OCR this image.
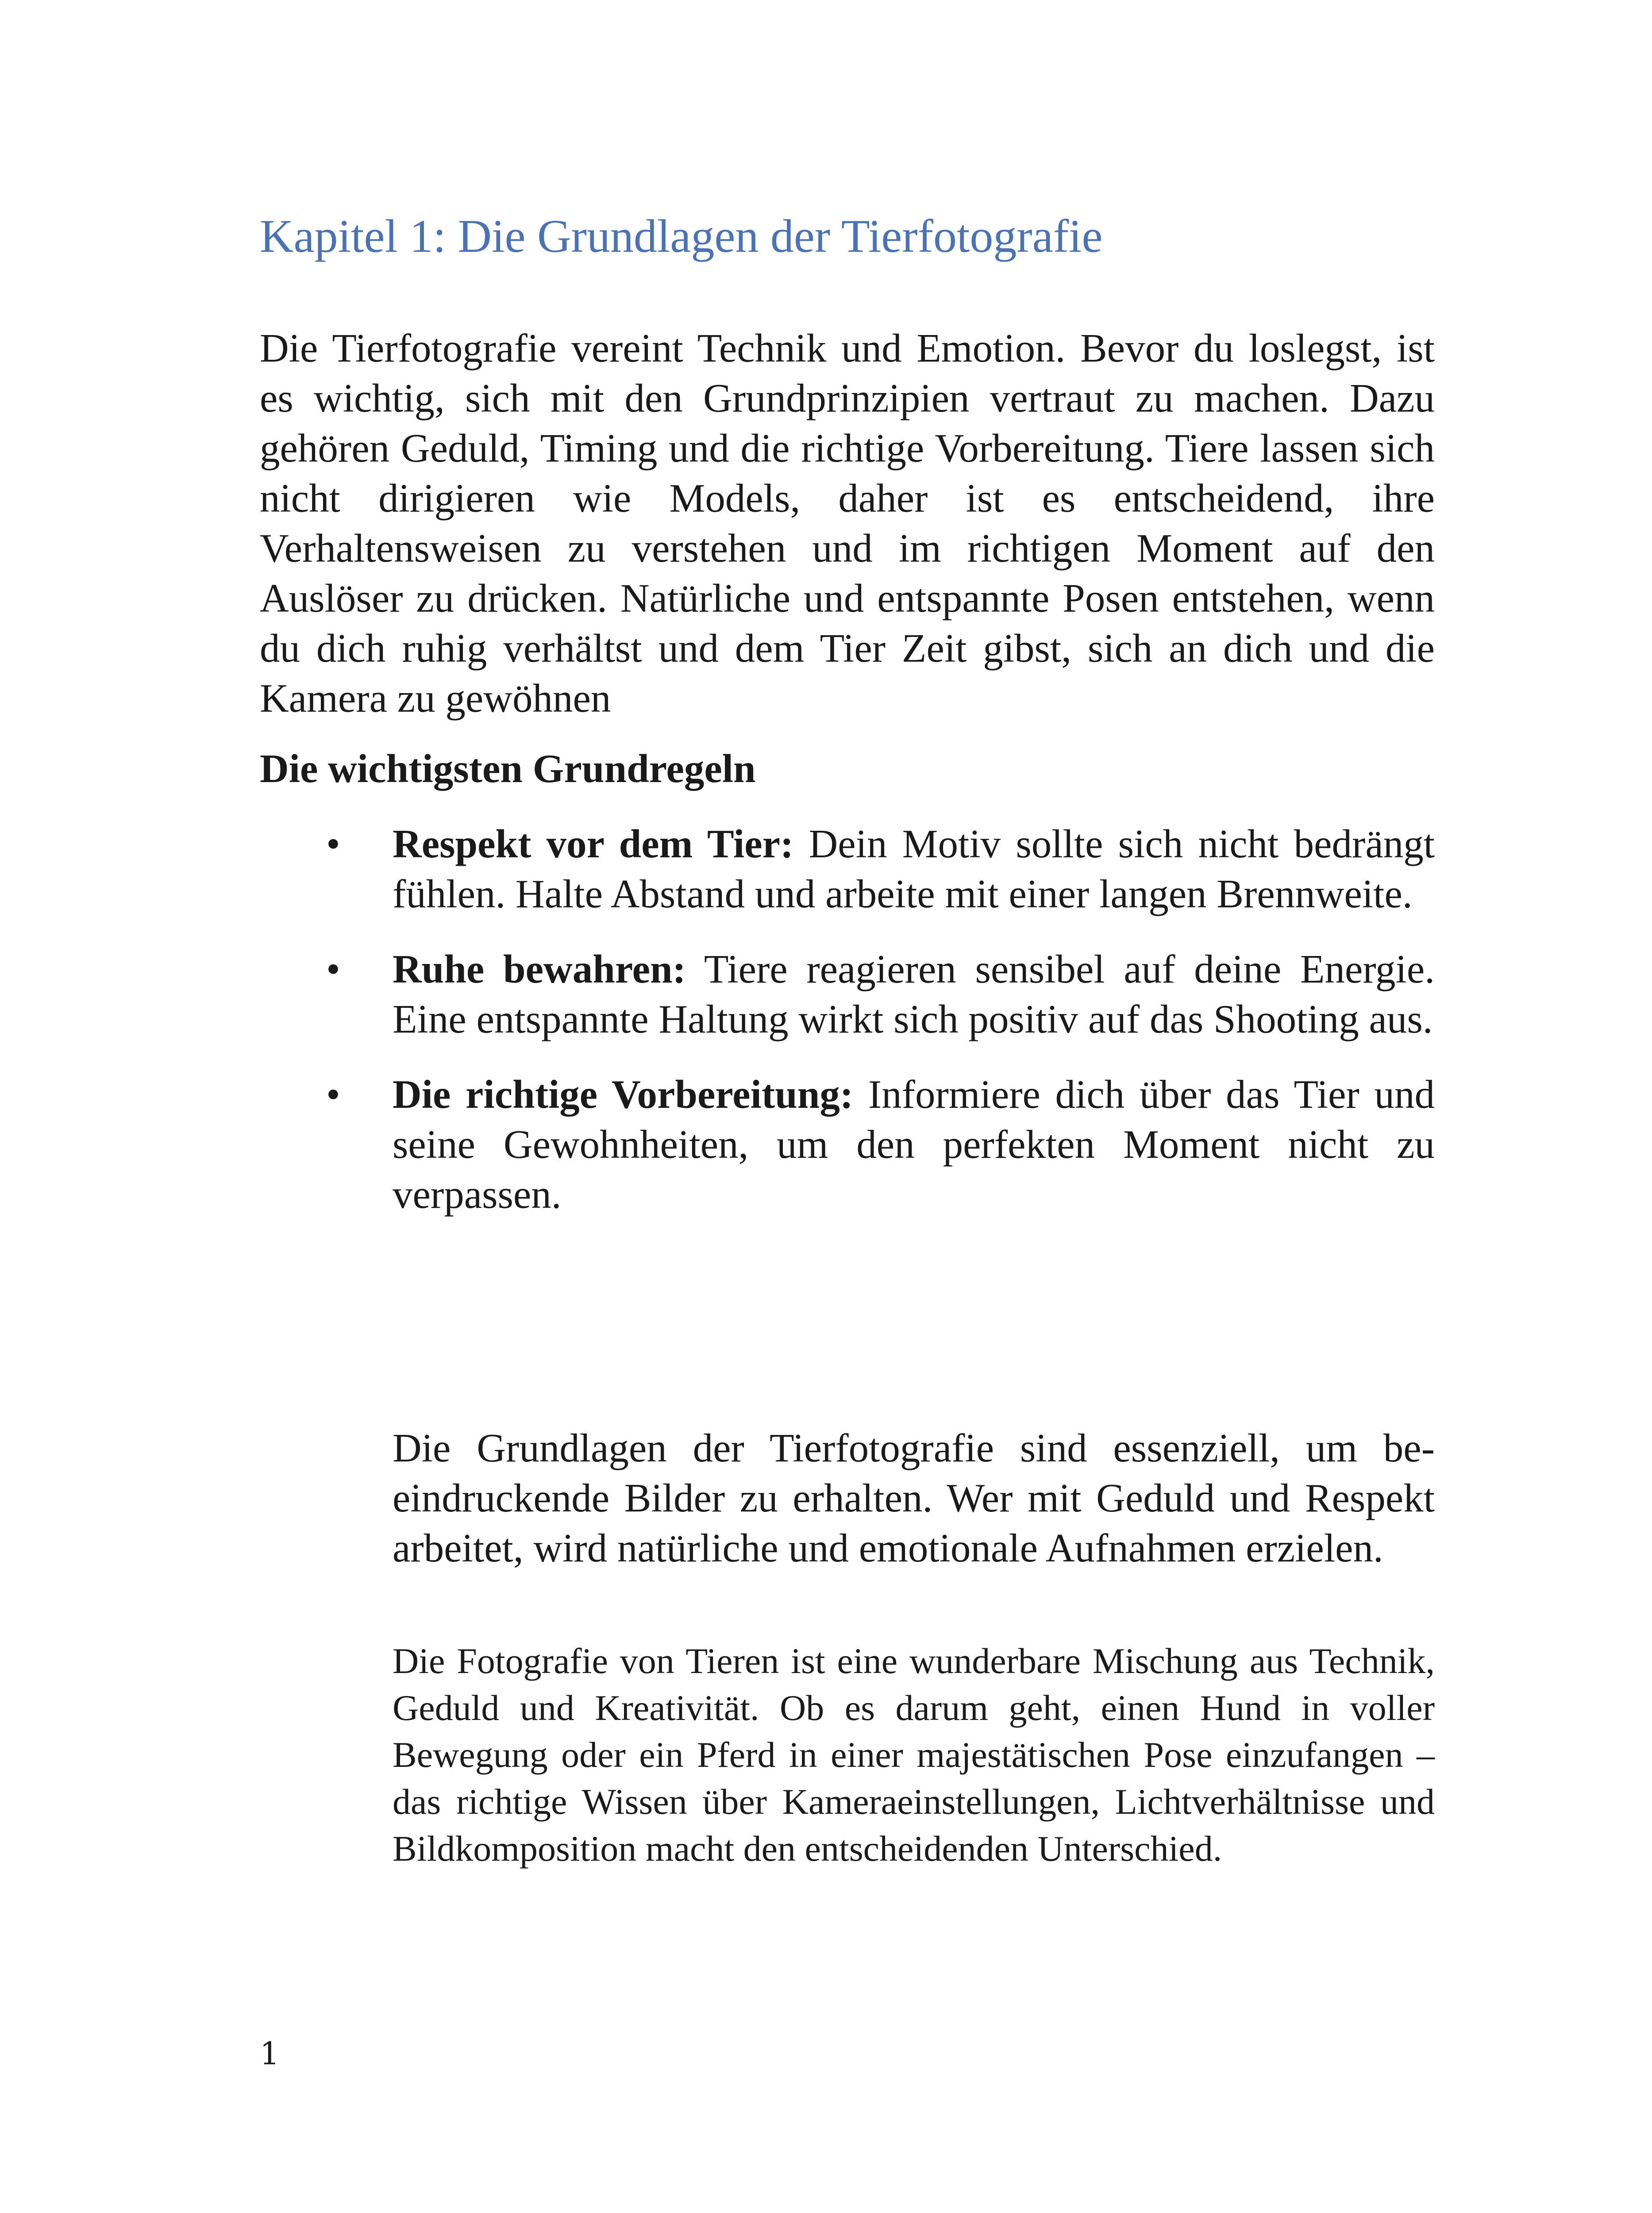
Kapitel 1: Die Grundlagen der Tierfotografie

Die Tierfotografie vereint Technik und Emotion. Bevor du loslegst, ist es wichtig, sich mit den Grundprinzipien vertraut zu machen. Dazu gehören Geduld, Timing und die richtige Vorbereitung. Tiere lassen sich nicht dirigieren wie Models, daher ist es entscheidend, ihre Verhaltensweisen zu verstehen und im richtigen Moment auf den Auslöser zu drücken. Natürliche und entspannte Posen entstehen, wenn du dich ruhig verhältst und dem Tier Zeit gibst, sich an dich und die Kamera zu gewöhnen

Die wichtigsten Grundregeln
• Respekt vor dem Tier: Dein Motiv sollte sich nicht bedrängt fühlen. Halte Abstand und arbeite mit einer langen Brennweite.
• Ruhe bewahren: Tiere reagieren sensibel auf deine Energie. Eine entspannte Haltung wirkt sich positiv auf das Shooting aus.
• Die richtige Vorbereitung: Informiere dich über das Tier und seine Gewohnheiten, um den perfekten Moment nicht zu verpassen.

Die Grundlagen der Tierfotografie sind essenziell, um beeindruckende Bilder zu erhalten. Wer mit Geduld und Respekt arbeitet, wird natürliche und emotionale Aufnahmen erzielen.

Die Fotografie von Tieren ist eine wunderbare Mischung aus Technik, Geduld und Kreativität. Ob es darum geht, einen Hund in voller Bewegung oder ein Pferd in einer majestätischen Pose einzufangen – das richtige Wissen über Kameraeinstellungen, Lichtverhältnisse und Bildkomposition macht den entscheidenden Unterschied.

1
